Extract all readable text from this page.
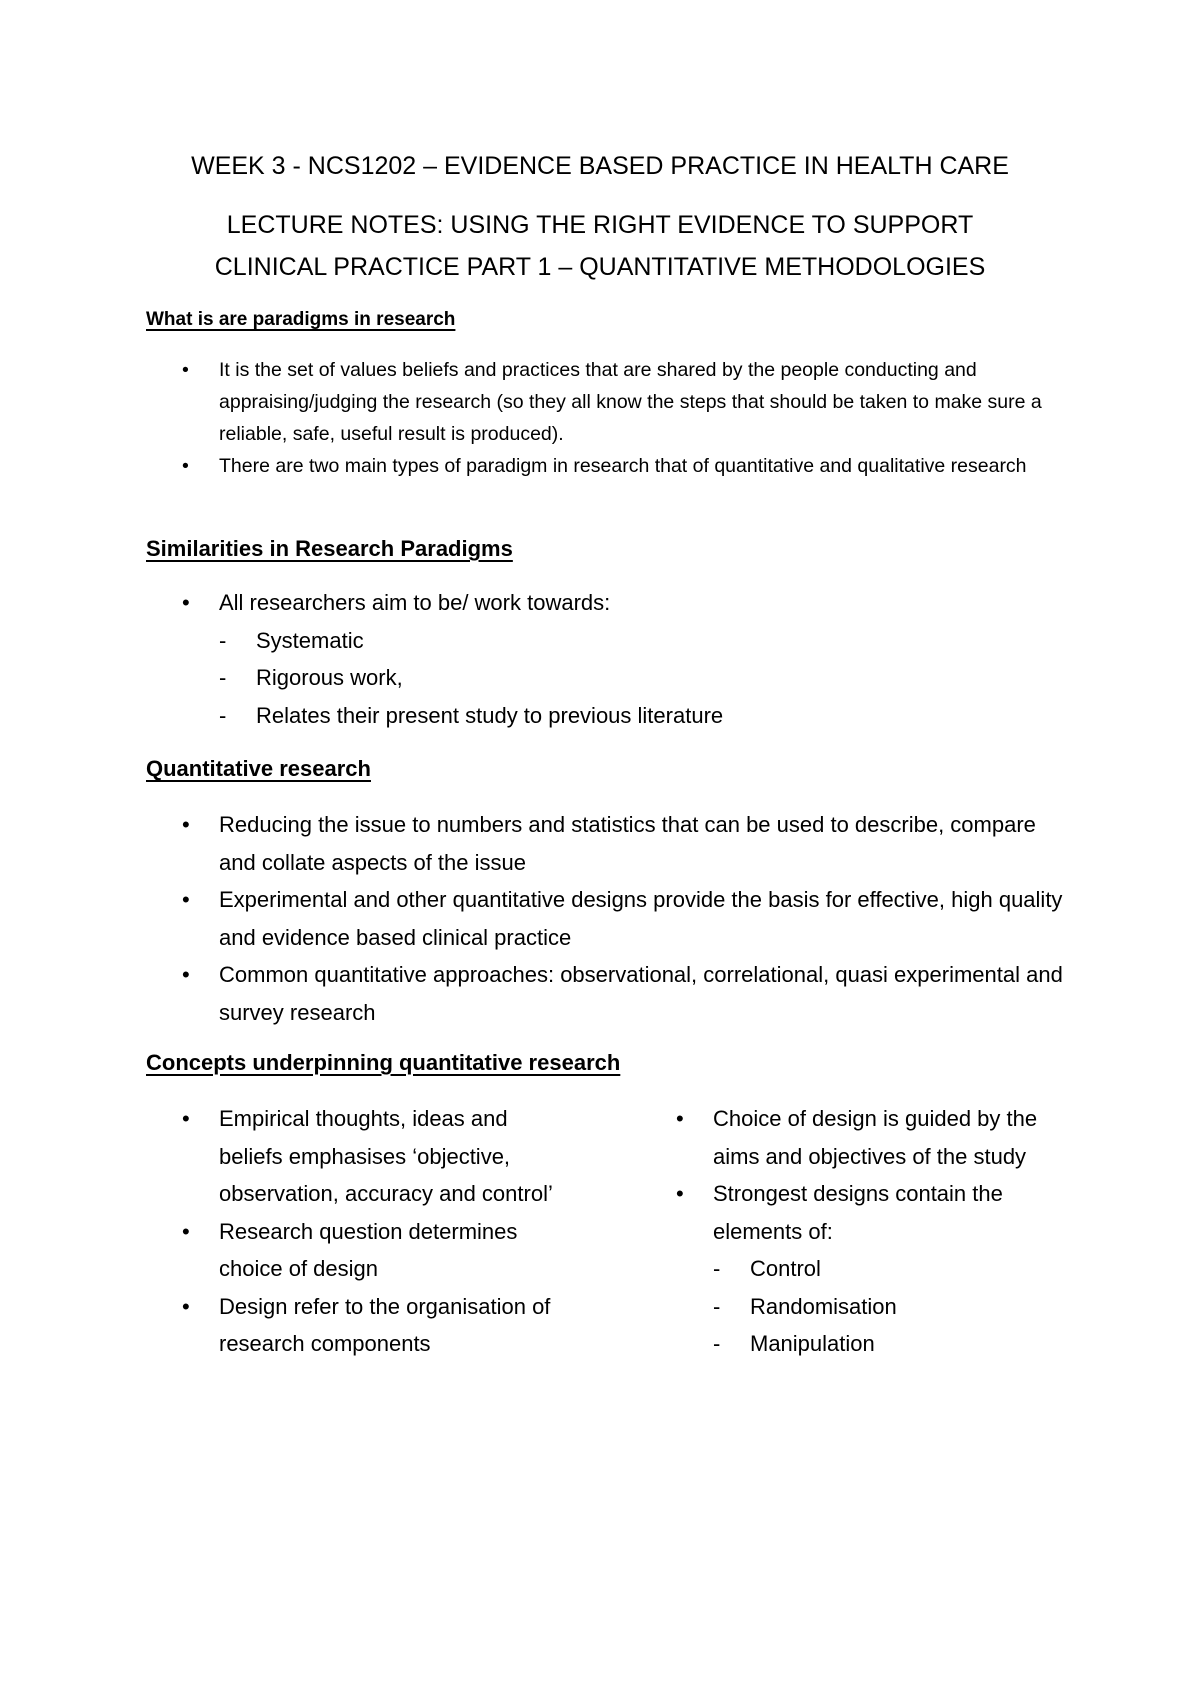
WEEK 3 - NCS1202 – EVIDENCE BASED PRACTICE IN HEALTH CARE
LECTURE NOTES: USING THE RIGHT EVIDENCE TO SUPPORT
CLINICAL PRACTICE PART 1 – QUANTITATIVE METHODOLOGIES
What is are paradigms in research
• It is the set of values beliefs and practices that are shared by the people conducting and appraising/judging the research (so they all know the steps that should be taken to make sure a reliable, safe, useful result is produced).
• There are two main types of paradigm in research that of quantitative and qualitative research
Similarities in Research Paradigms
• All researchers aim to be/ work towards:
- Systematic
- Rigorous work,
- Relates their present study to previous literature
Quantitative research
• Reducing the issue to numbers and statistics that can be used to describe, compare and collate aspects of the issue
• Experimental and other quantitative designs provide the basis for effective, high quality and evidence based clinical practice
• Common quantitative approaches: observational, correlational, quasi experimental and survey research
Concepts underpinning quantitative research
• Empirical thoughts, ideas and beliefs emphasises ‘objective, observation, accuracy and control’
• Research question determines choice of design
• Design refer to the organisation of research components
• Choice of design is guided by the aims and objectives of the study
• Strongest designs contain the elements of:
- Control
- Randomisation
- Manipulation
